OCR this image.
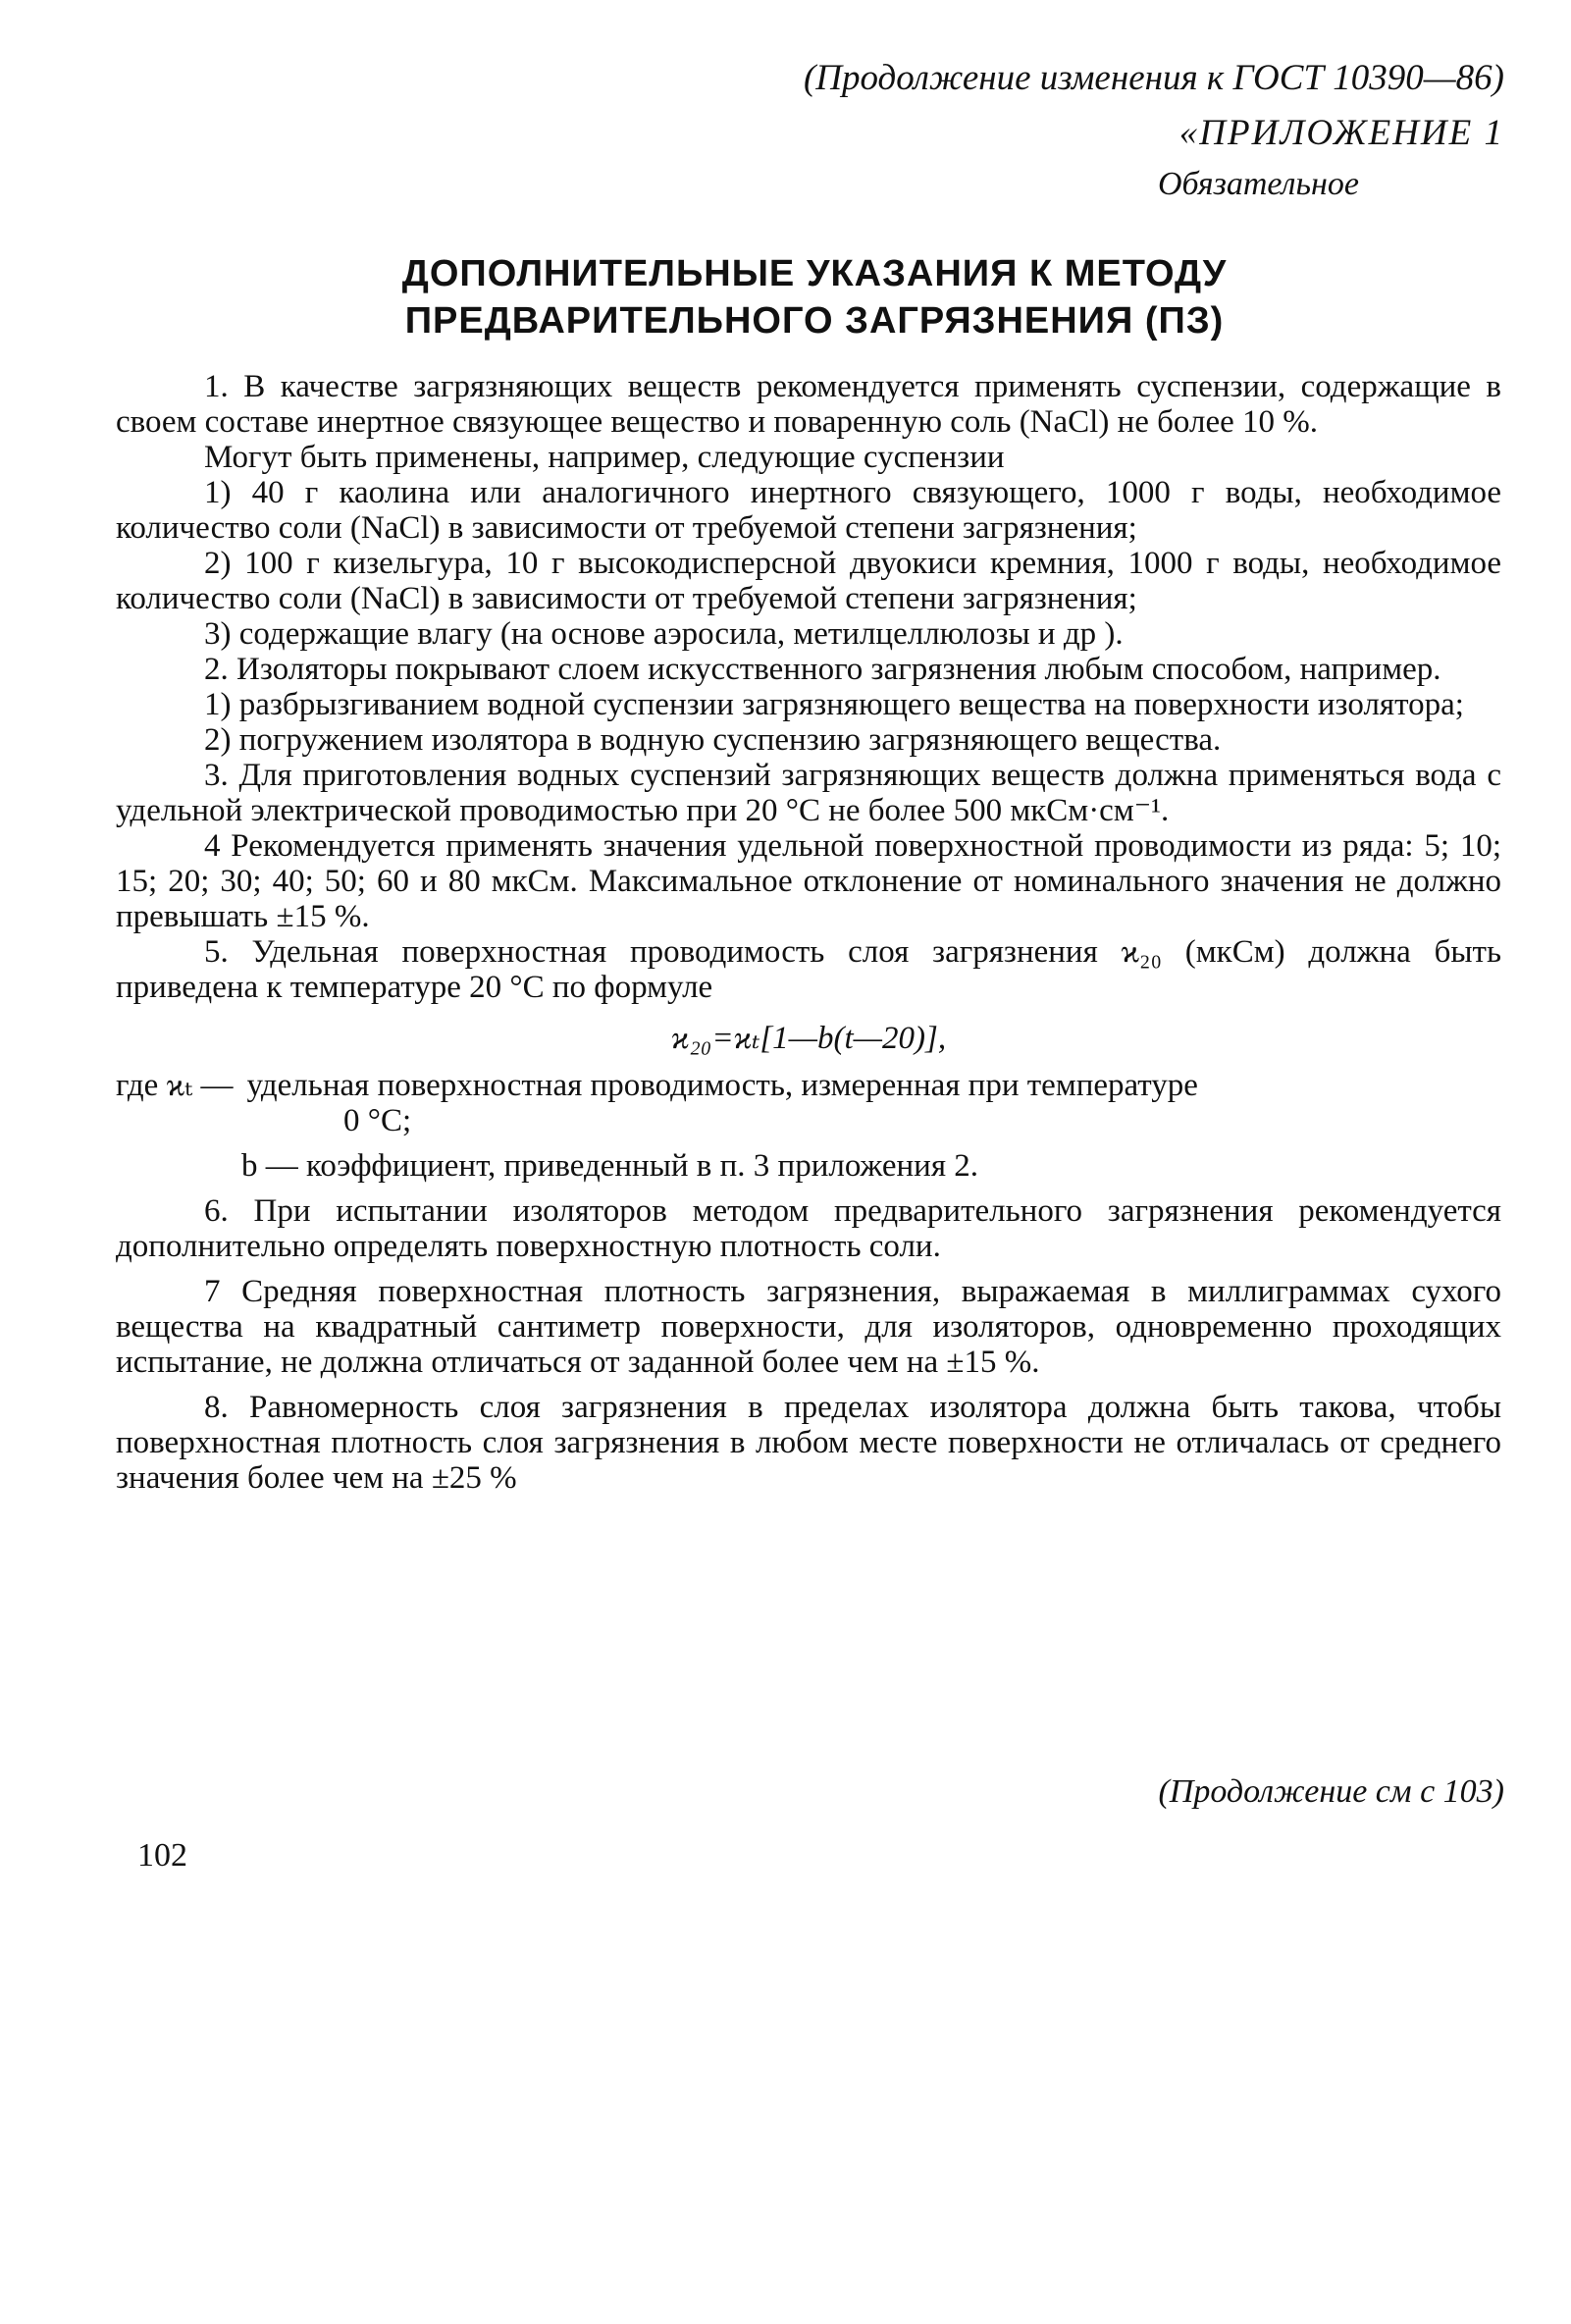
(Продолжение изменения к ГОСТ 10390—86)
«ПРИЛОЖЕНИЕ 1
Обязательное
ДОПОЛНИТЕЛЬНЫЕ УКАЗАНИЯ К МЕТОДУ
ПРЕДВАРИТЕЛЬНОГО ЗАГРЯЗНЕНИЯ (ПЗ)

1. В качестве загрязняющих веществ рекомендуется применять суспензии, содержащие в своем составе инертное связующее вещество и поваренную соль (NaCl) не более 10 %.

Могут быть применены, например, следующие суспензии

1) 40 г каолина или аналогичного инертного связующего, 1000 г воды, необходимое количество соли (NaCl) в зависимости от требуемой степени загрязнения;

2) 100 г кизельгура, 10 г высокодисперсной двуокиси кремния, 1000 г воды, необходимое количество соли (NaCl) в зависимости от требуемой степени загрязнения;

3) содержащие влагу (на основе аэросила, метилцеллюлозы и др ).

2. Изоляторы покрывают слоем искусственного загрязнения любым способом, например.

1) разбрызгиванием водной суспензии загрязняющего вещества на поверхности изолятора;

2) погружением изолятора в водную суспензию загрязняющего вещества.

3. Для приготовления водных суспензий загрязняющих веществ должна применяться вода с удельной электрической проводимостью при 20 °С не более 500 мкСм·см⁻¹.

4 Рекомендуется применять значения удельной поверхностной проводимости из ряда: 5; 10; 15; 20; 30; 40; 50; 60 и 80 мкСм. Максимальное отклонение от номинального значения не должно превышать ±15 %.

5. Удельная поверхностная проводимость слоя загрязнения ϰ₂₀ (мкСм) должна быть приведена к температуре 20 °С по формуле

ϰ₂₀=ϰₜ[1—b(t—20)],

где ϰₜ — удельная поверхностная проводимость, измеренная при температуре
0 °С;

b — коэффициент, приведенный в п. 3 приложения 2.

6. При испытании изоляторов методом предварительного загрязнения рекомендуется дополнительно определять поверхностную плотность соли.

7 Средняя поверхностная плотность загрязнения, выражаемая в миллиграммах сухого вещества на квадратный сантиметр поверхности, для изоляторов, одновременно проходящих испытание, не должна отличаться от заданной более чем на ±15 %.

8. Равномерность слоя загрязнения в пределах изолятора должна быть такова, чтобы поверхностная плотность слоя загрязнения в любом месте поверхности не отличалась от среднего значения более чем на ±25 %

(Продолжение см с 103)
102
